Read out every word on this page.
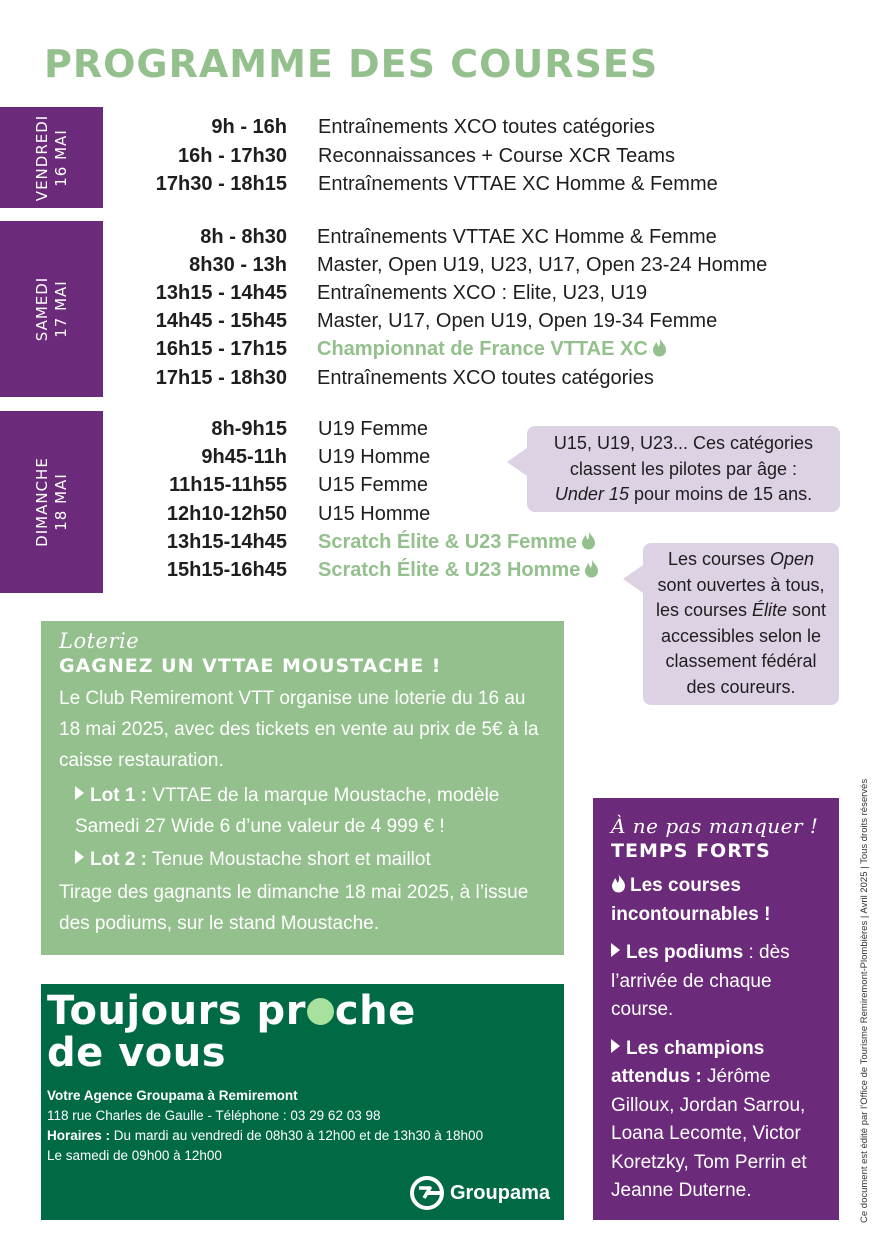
PROGRAMME DES COURSES
VENDREDI 16 MAI
SAMEDI 17 MAI
DIMANCHE 18 MAI
9h - 16h Entraînements XCO toutes catégories
16h - 17h30 Reconnaissances + Course XCR Teams
17h30 - 18h15 Entraînements VTTAE XC Homme & Femme
8h - 8h30 Entraînements VTTAE XC Homme & Femme
8h30 - 13h Master, Open U19, U23, U17, Open 23-24 Homme
13h15 - 14h45 Entraînements XCO : Elite, U23, U19
14h45 - 15h45 Master, U17, Open U19, Open 19-34 Femme
16h15 - 17h15 Championnat de France VTTAE XC
17h15 - 18h30 Entraînements XCO toutes catégories
8h-9h15 U19 Femme
9h45-11h U19 Homme
11h15-11h55 U15 Femme
12h10-12h50 U15 Homme
13h15-14h45 Scratch Élite & U23 Femme
15h15-16h45 Scratch Élite & U23 Homme
U15, U19, U23... Ces catégories
classent les pilotes par âge :
Under 15 pour moins de 15 ans.
Les courses Open
sont ouvertes à tous,
les courses Élite sont
accessibles selon le
classement fédéral
des coureurs.
Loterie
GAGNEZ UN VTTAE MOUSTACHE !

Le Club Remiremont VTT organise une loterie du 16 au 18 mai 2025, avec des tickets en vente au prix de 5€ à la caisse restauration.

Lot 1 : VTTAE de la marque Moustache, modèle Samedi 27 Wide 6 d’une valeur de 4 999 € !

Lot 2 : Tenue Moustache short et maillot

Tirage des gagnants le dimanche 18 mai 2025, à l’issue des podiums, sur le stand Moustache.

Toujours pr che
de vous
Votre Agence Groupama à Remiremont
118 rue Charles de Gaulle - Téléphone : 03 29 62 03 98
Horaires : Du mardi au vendredi de 08h30 à 12h00 et de 13h30 à 18h00
Le samedi de 09h00 à 12h00
Groupama
À ne pas manquer !
TEMPS FORTS

Les courses incontournables !

Les podiums : dès l’arrivée de chaque course.

Les champions attendus : Jérôme Gilloux, Jordan Sarrou, Loana Lecomte, Victor Koretzky, Tom Perrin et Jeanne Duterne.	Ce document est édité par l’Office de Tourisme Remiremont-Plombières | Avril 2025 | Tous droits réservés
